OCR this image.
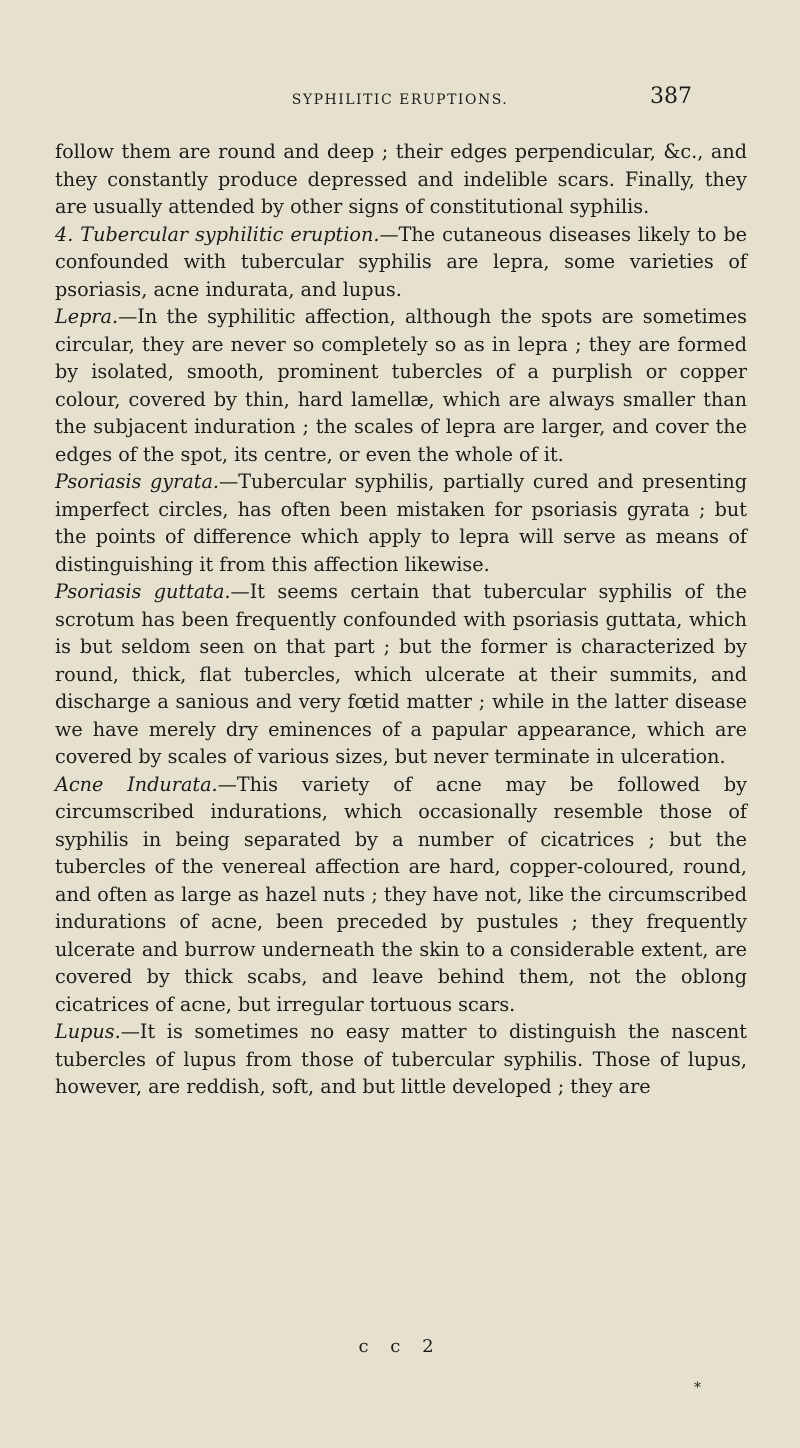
SYPHILITIC ERUPTIONS.	387

follow them are round and deep ; their edges perpendicular, &c., and they constantly produce depressed and indelible scars. Finally, they are usually attended by other signs of constitutional syphilis.

4. Tubercular syphilitic eruption.—The cutaneous diseases likely to be confounded with tubercular syphilis are lepra, some varieties of psoriasis, acne indurata, and lupus.

Lepra.—In the syphilitic affection, although the spots are sometimes circular, they are never so completely so as in lepra ; they are formed by isolated, smooth, prominent tubercles of a purplish or copper colour, covered by thin, hard lamellæ, which are always smaller than the subjacent induration ; the scales of lepra are larger, and cover the edges of the spot, its centre, or even the whole of it.

Psoriasis gyrata.—Tubercular syphilis, partially cured and presenting imperfect circles, has often been mistaken for psoriasis gyrata ; but the points of difference which apply to lepra will serve as means of distinguishing it from this affection likewise.

Psoriasis guttata.—It seems certain that tubercular syphilis of the scrotum has been frequently confounded with psoriasis guttata, which is but seldom seen on that part ; but the former is characterized by round, thick, flat tubercles, which ulcerate at their summits, and discharge a sanious and very fœtid matter ; while in the latter disease we have merely dry eminences of a papular appearance, which are covered by scales of various sizes, but never terminate in ulceration.

Acne Indurata.—This variety of acne may be followed by circumscribed indurations, which occasionally resemble those of syphilis in being separated by a number of cicatrices ; but the tubercles of the venereal affection are hard, copper-coloured, round, and often as large as hazel nuts ; they have not, like the circumscribed indurations of acne, been preceded by pustules ; they frequently ulcerate and burrow underneath the skin to a considerable extent, are covered by thick scabs, and leave behind them, not the oblong cicatrices of acne, but irregular tortuous scars.

Lupus.—It is sometimes no easy matter to distinguish the nascent tubercles of lupus from those of tubercular syphilis. Those of lupus, however, are reddish, soft, and but little developed ; they are

c c 2
*
